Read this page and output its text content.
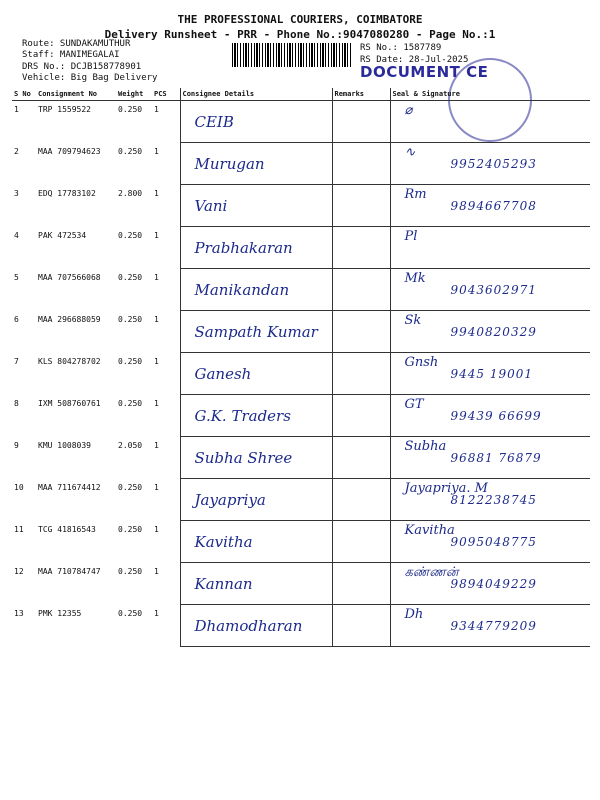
THE PROFESSIONAL COURIERS, COIMBATORE
Delivery Runsheet - PRR - Phone No.:9047080280 - Page No.:1
Route: SUNDAKAMUTHUR
Staff: MANIMEGALAI
DRS No.: DCJB158778901
Vehicle: Big Bag Delivery
RS No.: 1587789
RS Date: 28-Jul-2025
DOCUMENT CE
S No	Consignment No	Weight	PCS	Consignee Details	Remarks	Seal & Signature
1	TRP 1559522	0.250	1	CEIB		⌀

2	MAA 709794623	0.250	1	Murugan		∿
9952405293

3	EDQ 17783102	2.800	1	Vani		Rm
9894667708

4	PAK 472534	0.250	1	Prabhakaran		Pl

5	MAA 707566068	0.250	1	Manikandan		Mk
9043602971

6	MAA 296688059	0.250	1	Sampath Kumar		Sk
9940820329

7	KLS 804278702	0.250	1	Ganesh		Gnsh
9445 19001

8	IXM 508760761	0.250	1	G.K. Traders		GT
99439 66699

9	KMU 1008039	2.050	1	Subha Shree		Subha
96881 76879

10	MAA 711674412	0.250	1	Jayapriya		Jayapriya. M
8122238745

11	TCG 41816543	0.250	1	Kavitha		Kavitha
9095048775

12	MAA 710784747	0.250	1	Kannan		கண்ணன்
9894049229

13	PMK 12355	0.250	1	Dhamodharan		Dh
9344779209
